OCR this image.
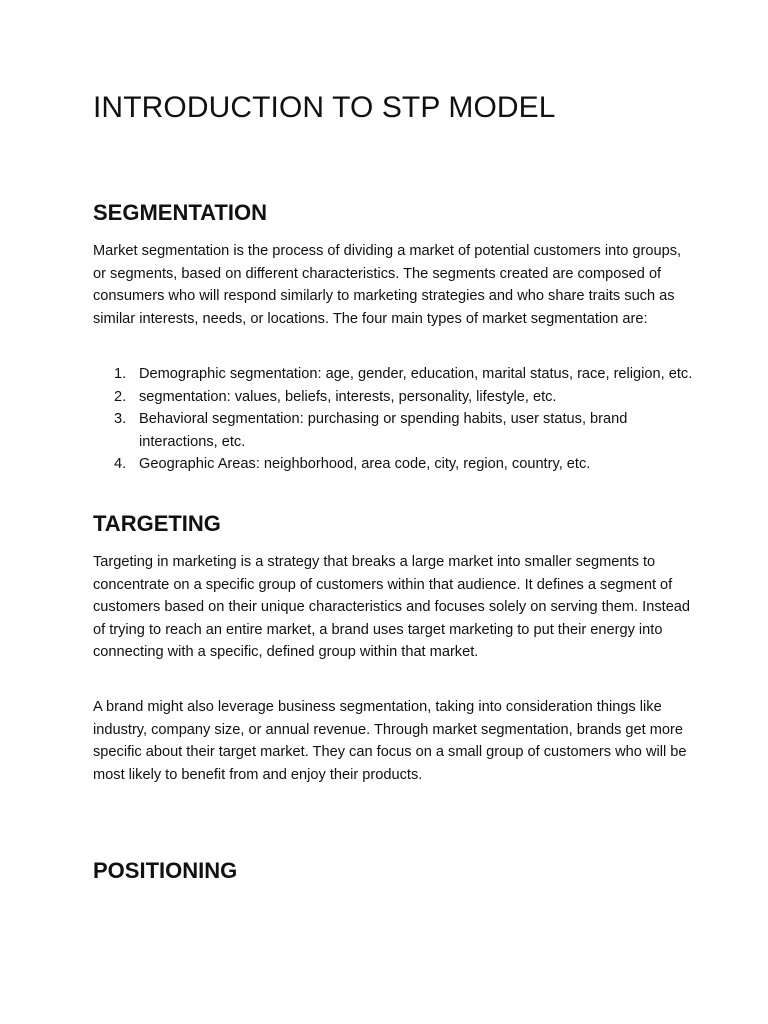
INTRODUCTION TO STP MODEL
SEGMENTATION

Market segmentation is the process of dividing a market of potential customers into groups, or segments, based on different characteristics. The segments created are composed of consumers who will respond similarly to marketing strategies and who share traits such as similar interests, needs, or locations. The four main types of market segmentation are:

1. Demographic segmentation: age, gender, education, marital status, race, religion, etc.
2. segmentation: values, beliefs, interests, personality, lifestyle, etc.
3. Behavioral segmentation: purchasing or spending habits, user status, brand interactions, etc.
4. Geographic Areas: neighborhood, area code, city, region, country, etc.
TARGETING

Targeting in marketing is a strategy that breaks a large market into smaller segments to concentrate on a specific group of customers within that audience. It defines a segment of customers based on their unique characteristics and focuses solely on serving them. Instead of trying to reach an entire market, a brand uses target marketing to put their energy into connecting with a specific, defined group within that market.

A brand might also leverage business segmentation, taking into consideration things like industry, company size, or annual revenue. Through market segmentation, brands get more specific about their target market. They can focus on a small group of customers who will be most likely to benefit from and enjoy their products.

POSITIONING
